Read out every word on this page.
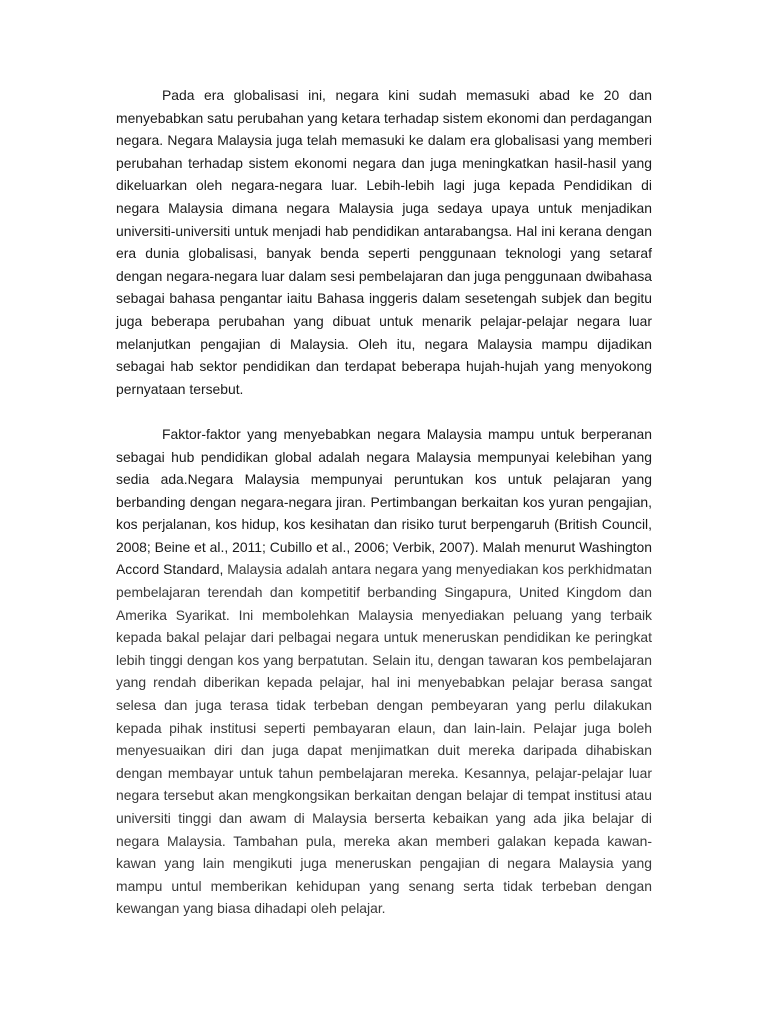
Pada era globalisasi ini, negara kini sudah memasuki abad ke 20 dan menyebabkan satu perubahan yang ketara terhadap sistem ekonomi dan perdagangan negara. Negara Malaysia juga telah memasuki ke dalam era globalisasi yang memberi perubahan terhadap sistem ekonomi negara dan juga meningkatkan hasil-hasil yang dikeluarkan oleh negara-negara luar. Lebih-lebih lagi juga kepada Pendidikan di negara Malaysia dimana negara Malaysia juga sedaya upaya untuk menjadikan universiti-universiti untuk menjadi hab pendidikan antarabangsa. Hal ini kerana dengan era dunia globalisasi, banyak benda seperti penggunaan teknologi yang setaraf dengan negara-negara luar dalam sesi pembelajaran dan juga penggunaan dwibahasa sebagai bahasa pengantar iaitu Bahasa inggeris dalam sesetengah subjek dan begitu juga beberapa perubahan yang dibuat untuk menarik pelajar-pelajar negara luar melanjutkan pengajian di Malaysia. Oleh itu, negara Malaysia mampu dijadikan sebagai hab sektor pendidikan dan terdapat beberapa hujah-hujah yang menyokong pernyataan tersebut.

Faktor-faktor yang menyebabkan negara Malaysia mampu untuk berperanan sebagai hub pendidikan global adalah negara Malaysia mempunyai kelebihan yang sedia ada.Negara Malaysia mempunyai peruntukan kos untuk pelajaran yang berbanding dengan negara-negara jiran. Pertimbangan berkaitan kos yuran pengajian, kos perjalanan, kos hidup, kos kesihatan dan risiko turut berpengaruh (British Council, 2008; Beine et al., 2011; Cubillo et al., 2006; Verbik, 2007). Malah menurut Washington Accord Standard, Malaysia adalah antara negara yang menyediakan kos perkhidmatan pembelajaran terendah dan kompetitif berbanding Singapura, United Kingdom dan Amerika Syarikat. Ini membolehkan Malaysia menyediakan peluang yang terbaik kepada bakal pelajar dari pelbagai negara untuk meneruskan pendidikan ke peringkat lebih tinggi dengan kos yang berpatutan. Selain itu, dengan tawaran kos pembelajaran yang rendah diberikan kepada pelajar, hal ini menyebabkan pelajar berasa sangat selesa dan juga terasa tidak terbeban dengan pembeyaran yang perlu dilakukan kepada pihak institusi seperti pembayaran elaun, dan lain-lain. Pelajar juga boleh menyesuaikan diri dan juga dapat menjimatkan duit mereka daripada dihabiskan dengan membayar untuk tahun pembelajaran mereka. Kesannya, pelajar-pelajar luar negara tersebut akan mengkongsikan berkaitan dengan belajar di tempat institusi atau universiti tinggi dan awam di Malaysia berserta kebaikan yang ada jika belajar di negara Malaysia. Tambahan pula, mereka akan memberi galakan kepada kawan-kawan yang lain mengikuti juga meneruskan pengajian di negara Malaysia yang mampu untul memberikan kehidupan yang senang serta tidak terbeban dengan kewangan yang biasa dihadapi oleh pelajar.
